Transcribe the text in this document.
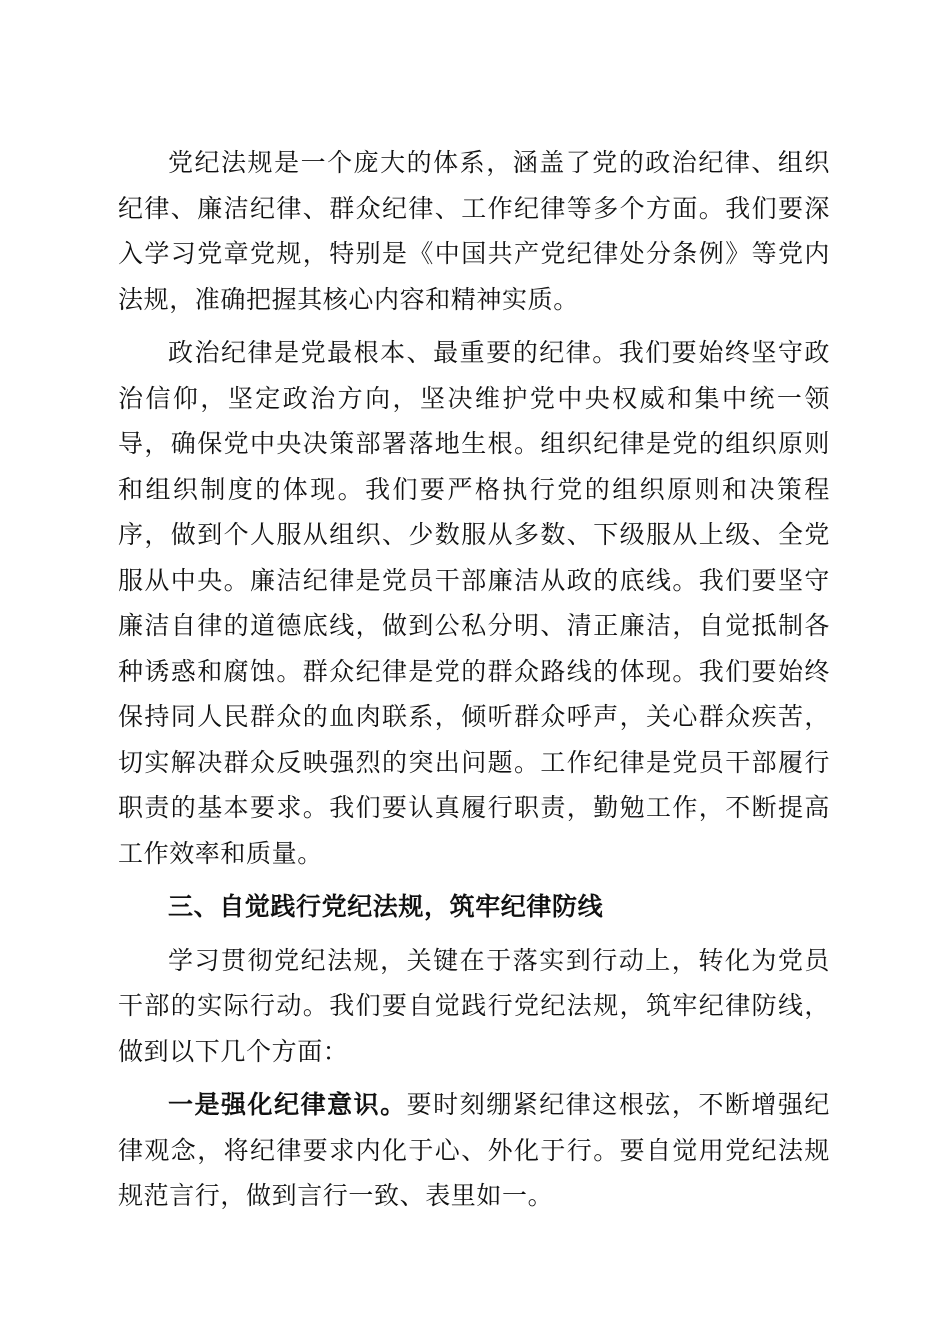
党纪法规是一个庞大的体系，涵盖了党的政治纪律、组织纪律、廉洁纪律、群众纪律、工作纪律等多个方面。我们要深入学习党章党规，特别是《中国共产党纪律处分条例》等党内法规，准确把握其核心内容和精神实质。

政治纪律是党最根本、最重要的纪律。我们要始终坚守政治信仰，坚定政治方向，坚决维护党中央权威和集中统一领导，确保党中央决策部署落地生根。组织纪律是党的组织原则和组织制度的体现。我们要严格执行党的组织原则和决策程序，做到个人服从组织、少数服从多数、下级服从上级、全党服从中央。廉洁纪律是党员干部廉洁从政的底线。我们要坚守廉洁自律的道德底线，做到公私分明、清正廉洁，自觉抵制各种诱惑和腐蚀。群众纪律是党的群众路线的体现。我们要始终保持同人民群众的血肉联系，倾听群众呼声，关心群众疾苦，切实解决群众反映强烈的突出问题。工作纪律是党员干部履行职责的基本要求。我们要认真履行职责，勤勉工作，不断提高工作效率和质量。

三、自觉践行党纪法规，筑牢纪律防线

学习贯彻党纪法规，关键在于落实到行动上，转化为党员干部的实际行动。我们要自觉践行党纪法规，筑牢纪律防线，做到以下几个方面：

一是强化纪律意识。要时刻绷紧纪律这根弦，不断增强纪律观念，将纪律要求内化于心、外化于行。要自觉用党纪法规规范言行，做到言行一致、表里如一。
